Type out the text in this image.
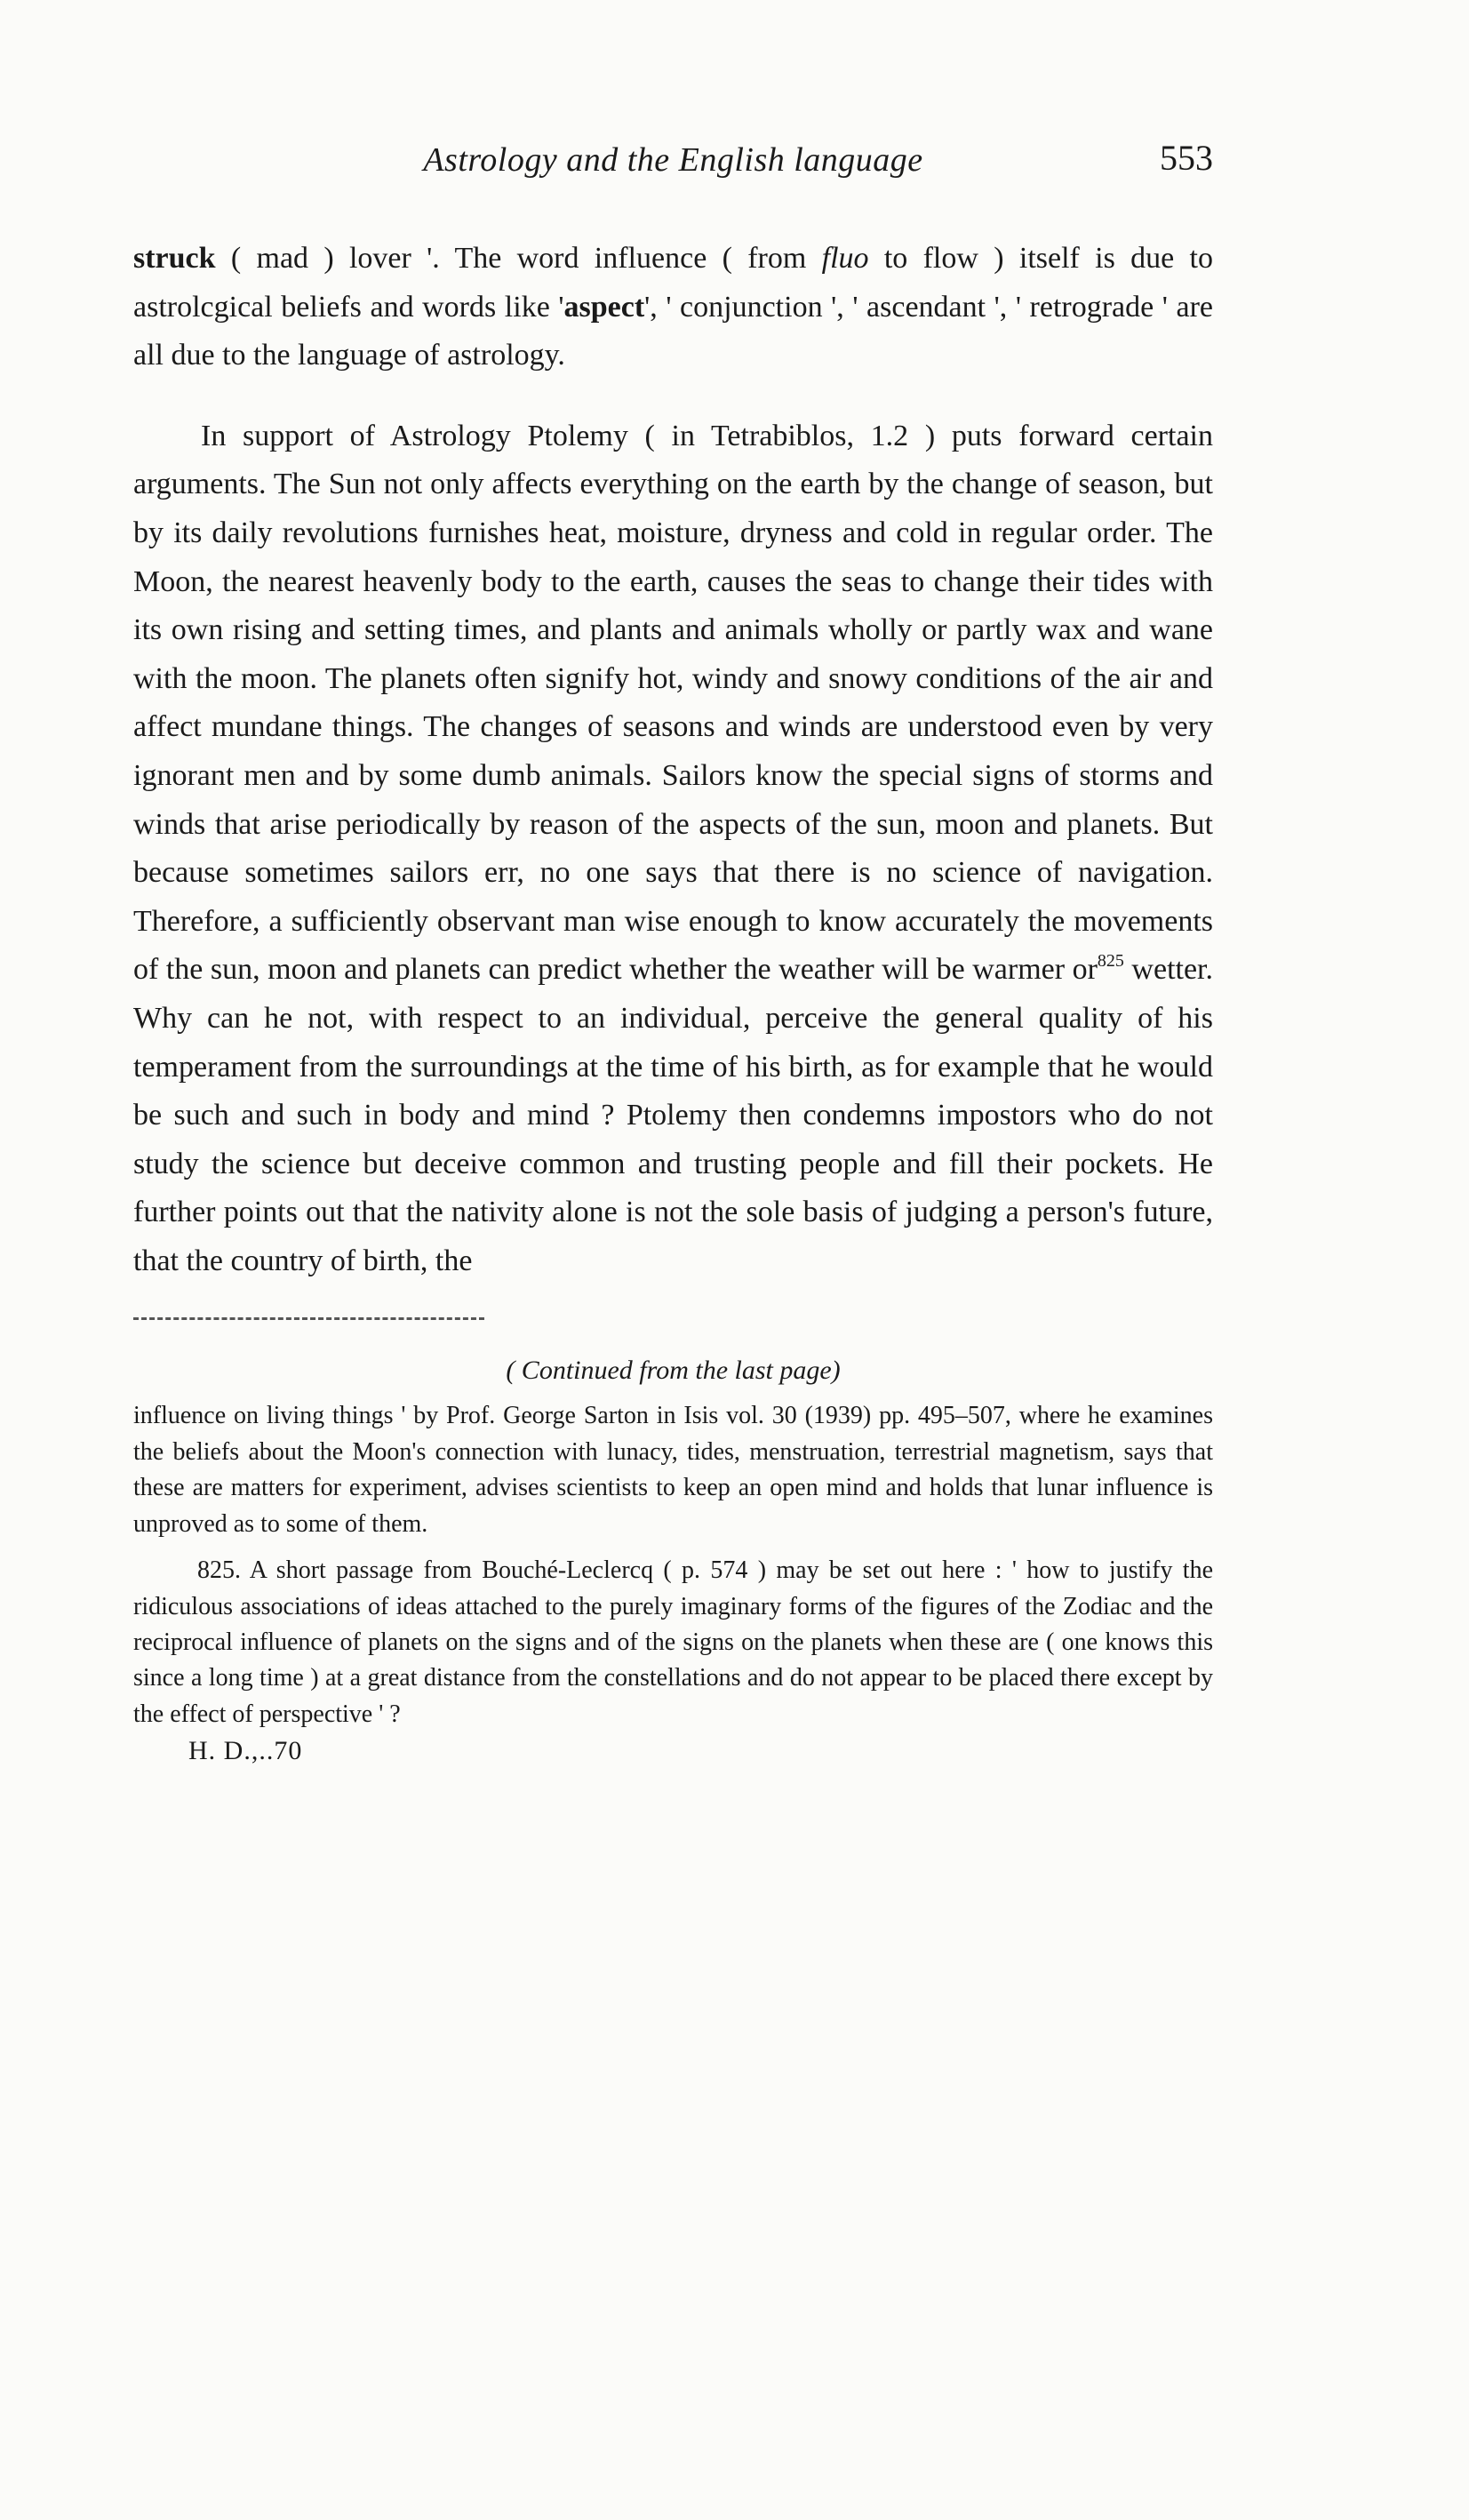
Astrology and the English language	553

struck ( mad ) lover '. The word influence ( from fluo to flow ) itself is due to astrolcgical beliefs and words like 'aspect', ' conjunction ', ' ascendant ', ' retrograde ' are all due to the language of astrology.

In support of Astrology Ptolemy ( in Tetrabiblos, 1.2 ) puts forward certain arguments. The Sun not only affects everything on the earth by the change of season, but by its daily revolutions furnishes heat, moisture, dryness and cold in regular order. The Moon, the nearest heavenly body to the earth, causes the seas to change their tides with its own rising and setting times, and plants and animals wholly or partly wax and wane with the moon. The planets often signify hot, windy and snowy conditions of the air and affect mundane things. The changes of seasons and winds are understood even by very ignorant men and by some dumb animals. Sailors know the special signs of storms and winds that arise periodically by reason of the aspects of the sun, moon and planets. But because sometimes sailors err, no one says that there is no science of navigation. Therefore, a sufficiently observant man wise enough to know accurately the movements of the sun, moon and planets can predict whether the weather will be warmer $or^{825}$ wetter. Why can he not, with respect to an individual, perceive the general quality of his temperament from the surroundings at the time of his birth, as for example that he would be such and such in body and mind ? Ptolemy then condemns impostors who do not study the science but deceive common and trusting people and fill their pockets. He further points out that the nativity alone is not the sole basis of judging a person's future, that the country of birth, the

( Continued from the last page)

influence on living things ' by Prof. George Sarton in Isis vol. 30 (1939) pp. 495–507, where he examines the beliefs about the Moon's connection with lunacy, tides, menstruation, terrestrial magnetism, says that these are matters for experiment, advises scientists to keep an open mind and holds that lunar influence is unproved as to some of them.

825. A short passage from Bouché-Leclercq ( p. 574 ) may be set out here : ' how to justify the ridiculous associations of ideas attached to the purely imaginary forms of the figures of the Zodiac and the reciprocal influence of planets on the signs and of the signs on the planets when these are ( one knows this since a long time ) at a great distance from the constellations and do not appear to be placed there except by the effect of perspective ' ?

H. D.,..70
